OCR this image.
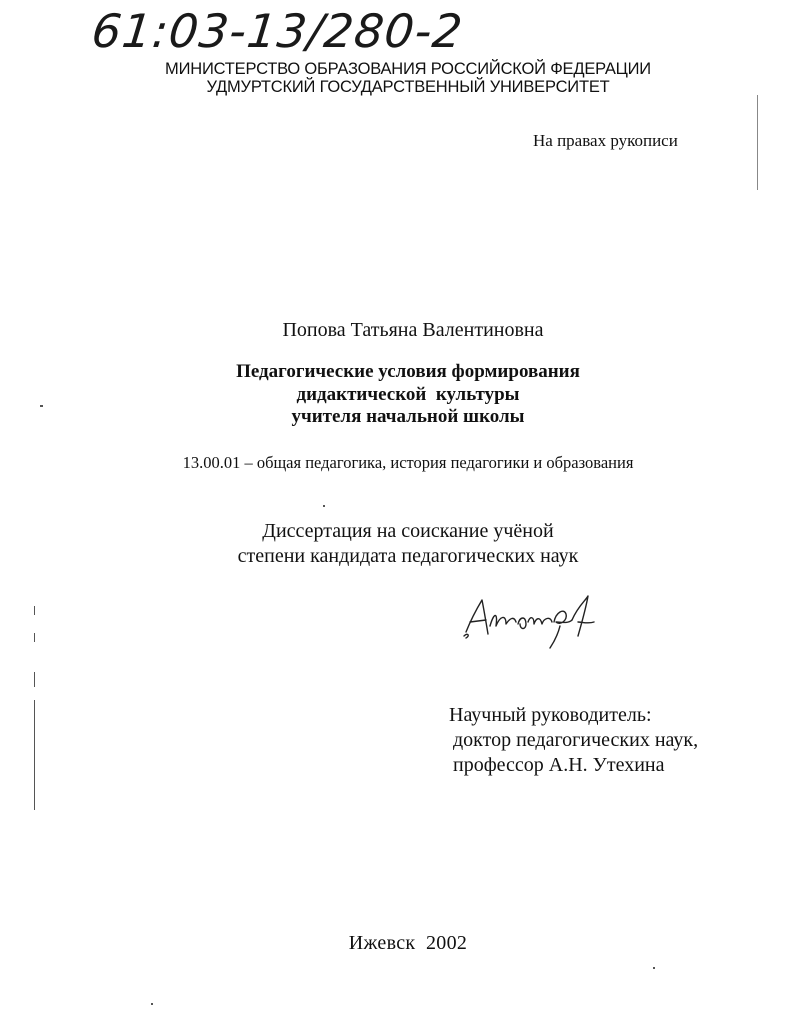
61:03-13/280-2
МИНИСТЕРСТВО ОБРАЗОВАНИЯ РОССИЙСКОЙ ФЕДЕРАЦИИ
УДМУРТСКИЙ ГОСУДАРСТВЕННЫЙ УНИВЕРСИТЕТ
На правах рукописи
Попова Татьяна Валентиновна
Педагогические условия формирования
дидактической  культуры
учителя начальной школы
13.00.01 – общая педагогика, история педагогики и образования
Диссертация на соискание учёной
степени кандидата педагогических наук
Научный руководитель:
доктор педагогических наук,
профессор А.Н. Утехина
Ижевск  2002
